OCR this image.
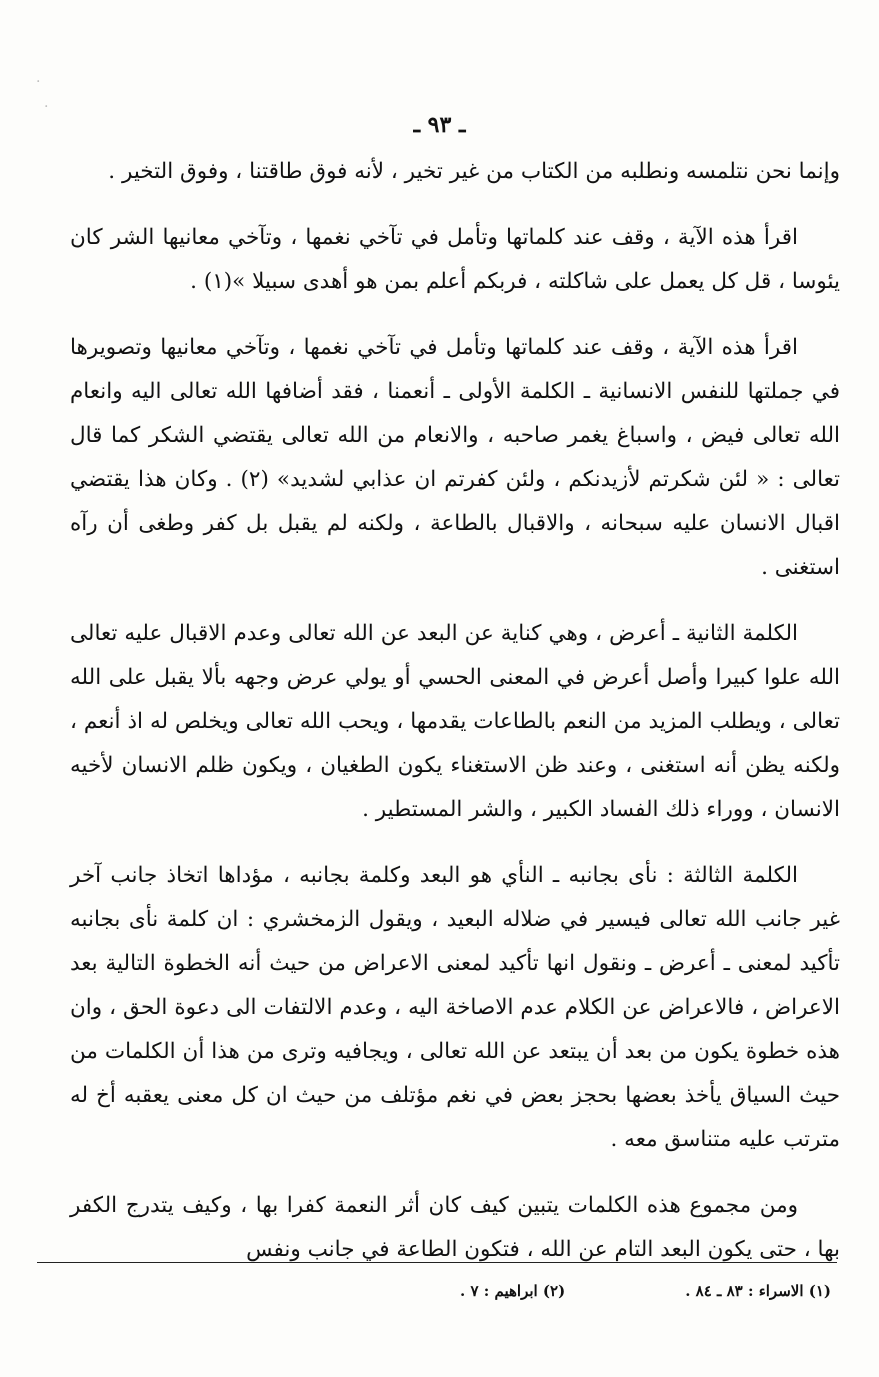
.
.
ـ ٩٣ ـ

وإنما نحن نتلمسه ونطلبه من الكتاب من غير تخير ، لأنه فوق طاقتنا ، وفوق التخير .

اقرأ هذه الآية ، وقف عند كلماتها وتأمل في تآخي نغمها ، وتآخي معانيها الشر كان يئوسا ، قل كل يعمل على شاكلته ، فربكم أعلم بمن هو أهدى سبيلا »(١) .

اقرأ هذه الآية ، وقف عند كلماتها وتأمل في تآخي نغمها ، وتآخي معانيها وتصويرها في جملتها للنفس الانسانية ـ الكلمة الأولى ـ أنعمنا ، فقد أضافها الله تعالى اليه وانعام الله تعالى فيض ، واسباغ يغمر صاحبه ، والانعام من الله تعالى يقتضي الشكر كما قال تعالى : « لئن شكرتم لأزيدنكم ، ولئن كفرتم ان عذابي لشديد» (٢) . وكان هذا يقتضي اقبال الانسان عليه سبحانه ، والاقبال بالطاعة ، ولكنه لم يقبل بل كفر وطغى أن رآه استغنى .

الكلمة الثانية ـ أعرض ، وهي كناية عن البعد عن الله تعالى وعدم الاقبال عليه تعالى الله علوا كبيرا وأصل أعرض في المعنى الحسي أو يولي عرض وجهه بألا يقبل على الله تعالى ، ويطلب المزيد من النعم بالطاعات يقدمها ، ويحب الله تعالى ويخلص له اذ أنعم ، ولكنه يظن أنه استغنى ، وعند ظن الاستغناء يكون الطغيان ، ويكون ظلم الانسان لأخيه الانسان ، ووراء ذلك الفساد الكبير ، والشر المستطير .

الكلمة الثالثة : نأى بجانبه ـ النأي هو البعد وكلمة بجانبه ، مؤداها اتخاذ جانب آخر غير جانب الله تعالى فيسير في ضلاله البعيد ، ويقول الزمخشري : ان كلمة نأى بجانبه تأكيد لمعنى ـ أعرض ـ ونقول انها تأكيد لمعنى الاعراض من حيث أنه الخطوة التالية بعد الاعراض ، فالاعراض عن الكلام عدم الاصاخة اليه ، وعدم الالتفات الى دعوة الحق ، وان هذه خطوة يكون من بعد أن يبتعد عن الله تعالى ، ويجافيه وترى من هذا أن الكلمات من حيث السياق يأخذ بعضها بحجز بعض في نغم مؤتلف من حيث ان كل معنى يعقبه أخ له مترتب عليه متناسق معه .

ومن مجموع هذه الكلمات يتبين كيف كان أثر النعمة كفرا بها ، وكيف يتدرج الكفر بها ، حتى يكون البعد التام عن الله ، فتكون الطاعة في جانب ونفس

(١) الاسراء : ٨٣ ـ ٨٤ .
(٢) ابراهيم : ٧ .
